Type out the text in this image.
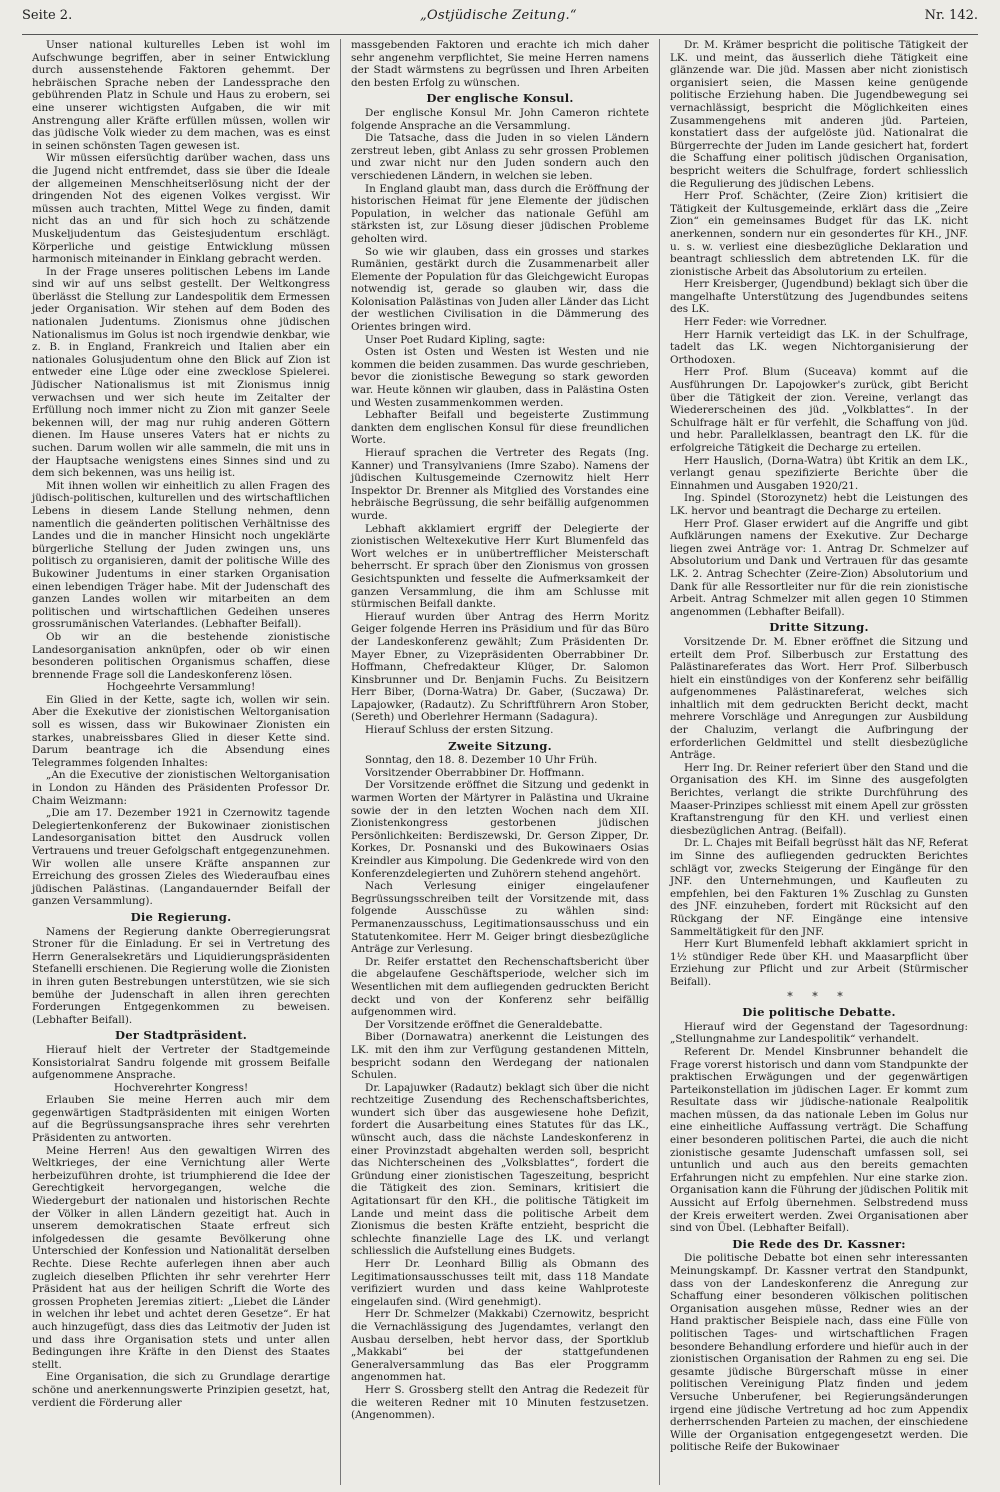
Seite 2.	„Ostjüdische Zeitung.“	Nr. 142.

Unser national kulturelles Leben ist wohl im Aufschwunge begriffen, aber in seiner Entwicklung durch aussenstehende Faktoren gehemmt. Der hebräischen Sprache neben der Landessprache den gebührenden Platz in Schule und Haus zu erobern, sei eine unserer wichtigsten Aufgaben, die wir mit Anstrengung aller Kräfte erfüllen müssen, wollen wir das jüdische Volk wieder zu dem machen, was es einst in seinen schönsten Tagen gewesen ist.

Wir müssen eifersüchtig darüber wachen, dass uns die Jugend nicht entfremdet, dass sie über die Ideale der allgemeinen Menschheitserlösung nicht der der dringenden Not des eigenen Volkes vergisst. Wir müssen auch trachten, Mittel Wege zu finden, damit nicht das an und für sich hoch zu schätzende Muskeljudentum das Geistesjudentum erschlägt. Körperliche und geistige Entwicklung müssen harmonisch miteinander in Einklang gebracht werden.

In der Frage unseres politischen Lebens im Lande sind wir auf uns selbst gestellt. Der Weltkongress überlässt die Stellung zur Landespolitik dem Ermessen jeder Organisation. Wir stehen auf dem Boden des nationalen Judentums. Zionismus ohne jüdischen Nationalismus im Golus ist noch irgendwie denkbar, wie z. B. in England, Frankreich und Italien aber ein nationales Golusjudentum ohne den Blick auf Zion ist entweder eine Lüge oder eine zwecklose Spielerei. Jüdischer Nationalismus ist mit Zionismus innig verwachsen und wer sich heute im Zeitalter der Erfüllung noch immer nicht zu Zion mit ganzer Seele bekennen will, der mag nur ruhig anderen Göttern dienen. Im Hause unseres Vaters hat er nichts zu suchen. Darum wollen wir alle sammeln, die mit uns in der Hauptsache wenigstens eines Sinnes sind und zu dem sich bekennen, was uns heilig ist.

Mit ihnen wollen wir einheitlich zu allen Fragen des jüdisch-politischen, kulturellen und des wirtschaftlichen Lebens in diesem Lande Stellung nehmen, denn namentlich die geänderten politischen Verhältnisse des Landes und die in mancher Hinsicht noch ungeklärte bürgerliche Stellung der Juden zwingen uns, uns politisch zu organisieren, damit der politische Wille des Bukowiner Judentums in einer starken Organisation einen lebendigen Träger habe. Mit der Judenschaft des ganzen Landes wollen wir mitarbeiten an dem politischen und wirtschaftlichen Gedeihen unseres grossrumänischen Vaterlandes. (Lebhafter Beifall).

Ob wir an die bestehende zionistische Landesorganisation anknüpfen, oder ob wir einen besonderen politischen Organismus schaffen, diese brennende Frage soll die Landeskonferenz lösen.

Hochgeehrte Versammlung!

Ein Glied in der Kette, sagte ich, wollen wir sein. Aber die Exekutive der zionistischen Weltorganisation soll es wissen, dass wir Bukowinaer Zionisten ein starkes, unabreissbares Glied in dieser Kette sind. Darum beantrage ich die Absendung eines Telegrammes folgenden Inhaltes:

„An die Executive der zionistischen Weltorganisation in London zu Händen des Präsidenten Professor Dr. Chaim Weizmann:

„Die am 17. Dezember 1921 in Czernowitz tagende Delegiertenkonferenz der Bukowinaer zionistischen Landesorganisation bittet den Ausdruck vollen Vertrauens und treuer Gefolgschaft entgegenzunehmen. Wir wollen alle unsere Kräfte anspannen zur Erreichung des grossen Zieles des Wiederaufbau eines jüdischen Palästinas. (Langandauernder Beifall der ganzen Versammlung).

Die Regierung.

Namens der Regierung dankte Oberregierungsrat Stroner für die Einladung. Er sei in Vertretung des Herrn Generalsekretärs und Liquidierungspräsidenten Stefanelli erschienen. Die Regierung wolle die Zionisten in ihren guten Bestrebungen unterstützen, wie sie sich bemühe der Judenschaft in allen ihren gerechten Forderungen Entgegenkommen zu beweisen. (Lebhafter Beifall).

Der Stadtpräsident.

Hierauf hielt der Vertreter der Stadtgemeinde Konsistorialrat Sandru folgende mit grossem Beifalle aufgenommene Ansprache.

Hochverehrter Kongress!

Erlauben Sie meine Herren auch mir dem gegenwärtigen Stadtpräsidenten mit einigen Worten auf die Begrüssungsansprache ihres sehr verehrten Präsidenten zu antworten.

Meine Herren! Aus den gewaltigen Wirren des Weltkrieges, der eine Vernichtung aller Werte herbeizuführen drohte, ist triumphierend die Idee der Gerechtigkeit hervorgegangen, welche die Wiedergeburt der nationalen und historischen Rechte der Völker in allen Ländern gezeitigt hat. Auch in unserem demokratischen Staate erfreut sich infolgedessen die gesamte Bevölkerung ohne Unterschied der Konfession und Nationalität derselben Rechte. Diese Rechte auferlegen ihnen aber auch zugleich dieselben Pflichten ihr sehr verehrter Herr Präsident hat aus der heiligen Schrift die Worte des grossen Propheten Jeremias zitiert: „Liebet die Länder in welchen ihr lebet und achtet deren Gesetze“. Er hat auch hinzugefügt, dass dies das Leitmotiv der Juden ist und dass ihre Organisation stets und unter allen Bedingungen ihre Kräfte in den Dienst des Staates stellt.

Eine Organisation, die sich zu Grundlage derartige schöne und anerkennungswerte Prinzipien gesetzt, hat, verdient die Förderung aller

massgebenden Faktoren und erachte ich mich daher sehr angenehm verpflichtet, Sie meine Herren namens der Stadt wärmstens zu begrüssen und Ihren Arbeiten den besten Erfolg zu wünschen.

Der englische Konsul.

Der englische Konsul Mr. John Cameron richtete folgende Ansprache an die Versammlung.

Die Tatsache, dass die Juden in so vielen Ländern zerstreut leben, gibt Anlass zu sehr grossen Problemen und zwar nicht nur den Juden sondern auch den verschiedenen Ländern, in welchen sie leben.

In England glaubt man, dass durch die Eröffnung der historischen Heimat für jene Elemente der jüdischen Population, in welcher das nationale Gefühl am stärksten ist, zur Lösung dieser jüdischen Probleme geholten wird.

So wie wir glauben, dass ein grosses und starkes Rumänien, gestärkt durch die Zusammenarbeit aller Elemente der Population für das Gleichgewicht Europas notwendig ist, gerade so glauben wir, dass die Kolonisation Palästinas von Juden aller Länder das Licht der westlichen Civilisation in die Dämmerung des Orientes bringen wird.

Unser Poet Rudard Kipling, sagte:

Osten ist Osten und Westen ist Westen und nie kommen die beiden zusammen. Das wurde geschrieben, bevor die zionistische Bewegung so stark geworden war. Heute können wir glauben, dass in Palästina Osten und Westen zusammenkommen werden.

Lebhafter Beifall und begeisterte Zustimmung dankten dem englischen Konsul für diese freundlichen Worte.

Hierauf sprachen die Vertreter des Regats (Ing. Kanner) und Transylvaniens (Imre Szabo). Namens der jüdischen Kultusgemeinde Czernowitz hielt Herr Inspektor Dr. Brenner als Mitglied des Vorstandes eine hebräische Begrüssung, die sehr beifällig aufgenommen wurde.

Lebhaft akklamiert ergriff der Delegierte der zionistischen Weltexekutive Herr Kurt Blumenfeld das Wort welches er in unübertrefflicher Meisterschaft beherrscht. Er sprach über den Zionismus von grossen Gesichtspunkten und fesselte die Aufmerksamkeit der ganzen Versammlung, die ihm am Schlusse mit stürmischen Beifall dankte.

Hierauf wurden über Antrag des Herrn Moritz Geiger folgende Herren ins Präsidium und für das Büro der Landeskonferenz gewählt; Zum Präsidenten Dr. Mayer Ebner, zu Vizepräsidenten Oberrabbiner Dr. Hoffmann, Chefredakteur Klüger, Dr. Salomon Kinsbrunner und Dr. Benjamin Fuchs. Zu Beisitzern Herr Biber, (Dorna-Watra) Dr. Gaber, (Suczawa) Dr. Lapajowker, (Radautz). Zu Schriftführern Aron Stober, (Sereth) und Oberlehrer Hermann (Sadagura).

Hierauf Schluss der ersten Sitzung.

Zweite Sitzung.

Sonntag, den 18. 8. Dezember 10 Uhr Früh.

Vorsitzender Oberrabbiner Dr. Hoffmann.

Der Vorsitzende eröffnet die Sitzung und gedenkt in warmen Worten der Märtyrer in Palästina und Ukraine sowie der in den letzten Wochen nach dem XII. Zionistenkongress gestorbenen jüdischen Persönlichkeiten: Berdiszewski, Dr. Gerson Zipper, Dr. Korkes, Dr. Posnanski und des Bukowinaers Osias Kreindler aus Kimpolung. Die Gedenkrede wird von den Konferenzdelegierten und Zuhörern stehend angehört.

Nach Verlesung einiger eingelaufener Begrüssungsschreiben teilt der Vorsitzende mit, dass folgende Ausschüsse zu wählen sind: Permanenzausschuss, Legitimationsausschuss und ein Statutenkomitee. Herr M. Geiger bringt diesbezügliche Anträge zur Verlesung.

Dr. Reifer erstattet den Rechenschaftsbericht über die abgelaufene Geschäftsperiode, welcher sich im Wesentlichen mit dem aufliegenden gedruckten Bericht deckt und von der Konferenz sehr beifällig aufgenommen wird.

Der Vorsitzende eröffnet die Generaldebatte.

Biber (Dornawatra) anerkennt die Leistungen des LK. mit den ihm zur Verfügung gestandenen Mitteln, bespricht sodann den Werdegang der nationalen Schulen.

Dr. Lapajuwker (Radautz) beklagt sich über die nicht rechtzeitige Zusendung des Rechenschaftsberichtes, wundert sich über das ausgewiesene hohe Defizit, fordert die Ausarbeitung eines Statutes für das LK., wünscht auch, dass die nächste Landeskonferenz in einer Provinzstadt abgehalten werden soll, bespricht das Nichterscheinen des „Volksblattes“, fordert die Gründung einer zionistischen Tageszeitung, bespricht die Tätigkeit des zion. Seminars, kritisiert die Agitationsart für den KH., die politische Tätigkeit im Lande und meint dass die politische Arbeit dem Zionismus die besten Kräfte entzieht, bespricht die schlechte finanzielle Lage des LK. und verlangt schliesslich die Aufstellung eines Budgets.

Herr Dr. Leonhard Billig als Obmann des Legitimationsausschusses teilt mit, dass 118 Mandate verifiziert wurden und dass keine Wahlproteste eingelaufen sind. (Wird genehmigt).

Herr Dr. Schmelzer (Makkabi) Czernowitz, bespricht die Vernachlässigung des Jugendamtes, verlangt den Ausbau derselben, hebt hervor dass, der Sportklub „Makkabi“ bei der stattgefundenen Generalversammlung das Bas eler Proggramm angenommen hat.

Herr S. Grossberg stellt den Antrag die Redezeit für die weiteren Redner mit 10 Minuten festzusetzen. (Angenommen).

Dr. M. Krämer bespricht die politische Tätigkeit der LK. und meint, das äusserlich diehe Tätigkeit eine glänzende war. Die jüd. Massen aber nicht zionistisch organisiert seien, die Massen keine genügende politische Erziehung haben. Die Jugendbewegung sei vernachlässigt, bespricht die Möglichkeiten eines Zusammengehens mit anderen jüd. Parteien, konstatiert dass der aufgelöste jüd. Nationalrat die Bürgerrechte der Juden im Lande gesichert hat, fordert die Schaffung einer politisch jüdischen Organisation, bespricht weiters die Schulfrage, fordert schliesslich die Regulierung des jüdischen Lebens.

Herr Prof. Schächter, (Zeire Zion) kritisiert die Tätigkeit der Kultusgemeinde, erklärt dass die „Zeire Zion“ ein gemeinsames Budget für das LK. nicht anerkennen, sondern nur ein gesondertes für KH., JNF. u. s. w. verliest eine diesbezügliche Deklaration und beantragt schliesslich dem abtretenden LK. für die zionistische Arbeit das Absolutorium zu erteilen.

Herr Kreisberger, (Jugendbund) beklagt sich über die mangelhafte Unterstützung des Jugendbundes seitens des LK.

Herr Feder: wie Vorredner.

Herr Harnik verteidigt das LK. in der Schulfrage, tadelt das LK. wegen Nichtorganisierung der Orthodoxen.

Herr Prof. Blum (Suceava) kommt auf die Ausführungen Dr. Lapojowker's zurück, gibt Bericht über die Tätigkeit der zion. Vereine, verlangt das Wiedererscheinen des jüd. „Volkblattes“. In der Schulfrage hält er für verfehlt, die Schaffung von jüd. und hebr. Parallelklassen, beantragt den LK. für die erfolgreiche Tätigkeit die Decharge zu erteilen.

Herr Hauslich, (Dorna-Watra) übt Kritik an dem LK., verlangt genau spezifizierte Berichte über die Einnahmen und Ausgaben 1920/21.

Ing. Spindel (Storozynetz) hebt die Leistungen des LK. hervor und beantragt die Decharge zu erteilen.

Herr Prof. Glaser erwidert auf die Angriffe und gibt Aufklärungen namens der Exekutive. Zur Decharge liegen zwei Anträge vor: 1. Antrag Dr. Schmelzer auf Absolutorium und Dank und Vertrauen für das gesamte LK. 2. Antrag Schechter (Zeire-Zion) Absolutorium und Dank für alle Ressortleiter nur für die rein zionistische Arbeit. Antrag Schmelzer mit allen gegen 10 Stimmen angenommen (Lebhafter Beifall).

Dritte Sitzung.

Vorsitzende Dr. M. Ebner eröffnet die Sitzung und erteilt dem Prof. Silberbusch zur Erstattung des Palästinareferates das Wort. Herr Prof. Silberbusch hielt ein einstündiges von der Konferenz sehr beifällig aufgenommenes Palästinareferat, welches sich inhaltlich mit dem gedruckten Bericht deckt, macht mehrere Vorschläge und Anregungen zur Ausbildung der Chaluzim, verlangt die Aufbringung der erforderlichen Geldmittel und stellt diesbezügliche Anträge.

Herr Ing. Dr. Reiner referiert über den Stand und die Organisation des KH. im Sinne des ausgefolgten Berichtes, verlangt die strikte Durchführung des Maaser-Prinzipes schliesst mit einem Apell zur grössten Kraftanstrengung für den KH. und verliest einen diesbezüglichen Antrag. (Beifall).

Dr. L. Chajes mit Beifall begrüsst hält das NF, Referat im Sinne des aufliegenden gedruckten Berichtes schlägt vor, zwecks Steigerung der Eingänge für den JNF. den Unternehmungen, und Kaufleuten zu empfehlen, bei den Fakturen 1% Zuschlag zu Gunsten des JNF. einzuheben, fordert mit Rücksicht auf den Rückgang der NF. Eingänge eine intensive Sammeltätigkeit für den JNF.

Herr Kurt Blumenfeld lebhaft akklamiert spricht in 1½ stündiger Rede über KH. und Maasarpflicht über Erziehung zur Pflicht und zur Arbeit (Stürmischer Beifall).

* * *
Die politische Debatte.

Hierauf wird der Gegenstand der Tagesordnung: „Stellungnahme zur Landespolitik“ verhandelt.

Referent Dr. Mendel Kinsbrunner behandelt die Frage vorerst historisch und dann vom Standpunkte der praktischen Erwägungen und der gegenwärtigen Parteikonstellation im jüdischen Lager. Er kommt zum Resultate dass wir jüdische-nationale Realpolitik machen müssen, da das nationale Leben im Golus nur eine einheitliche Auffassung verträgt. Die Schaffung einer besonderen politischen Partei, die auch die nicht zionistische gesamte Judenschaft umfassen soll, sei untunlich und auch aus den bereits gemachten Erfahrungen nicht zu empfehlen. Nur eine starke zion. Organisation kann die Führung der jüdischen Politik mit Aussicht auf Erfolg übernehmen. Selbstredend muss der Kreis erweitert werden. Zwei Organisationen aber sind von Übel. (Lebhafter Beifall).

Die Rede des Dr. Kassner:

Die politische Debatte bot einen sehr interessanten Meinungskampf. Dr. Kassner vertrat den Standpunkt, dass von der Landeskonferenz die Anregung zur Schaffung einer besonderen völkischen politischen Organisation ausgehen müsse, Redner wies an der Hand praktischer Beispiele nach, dass eine Fülle von politischen Tages- und wirtschaftlichen Fragen besondere Behandlung erfordere und hiefür auch in der zionistischen Organisation der Rahmen zu eng sei. Die gesamte jüdische Bürgerschaft müsse in einer politischen Vereinigung Platz finden und jedem Versuche Unberufener, bei Regierungsänderungen irgend eine jüdische Vertretung ad hoc zum Appendix derherrschenden Parteien zu machen, der einschiedene Wille der Organisation entgegengesetzt werden. Die politische Reife der Bukowinaer
